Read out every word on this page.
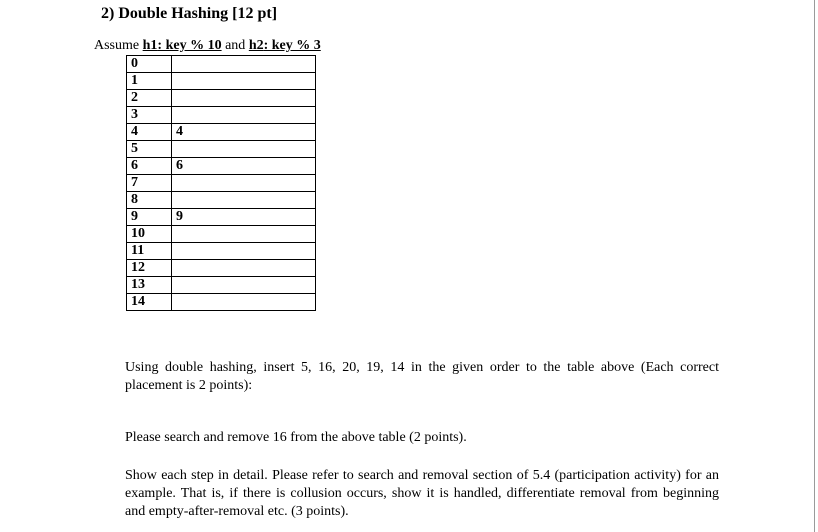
2) Double Hashing [12 pt]
Assume h1: key % 10 and h2: key % 3
0	
1	
2	
3	
4	4
5	
6	6
7	
8	
9	9
10	
11	
12	
13	
14	
Using double hashing, insert 5, 16, 20, 19, 14 in the given order to the table above (Each correct placement is 2 points):
Please search and remove 16 from the above table (2 points).
Show each step in detail. Please refer to search and removal section of 5.4 (participation activity) for an example. That is, if there is collusion occurs, show it is handled, differentiate removal from beginning and empty-after-removal etc. (3 points).
